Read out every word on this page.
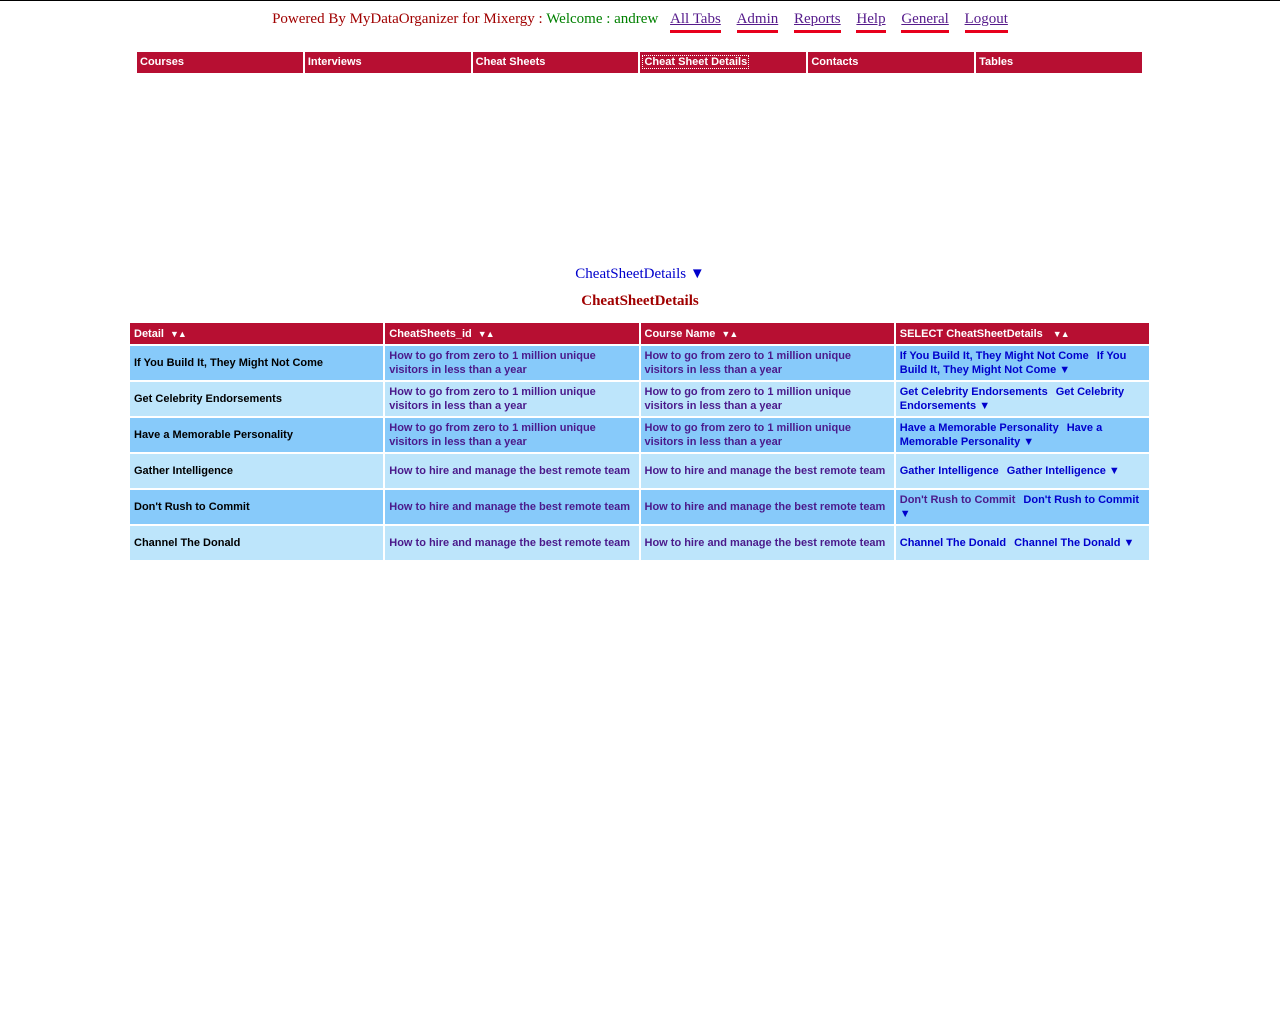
Powered By MyDataOrganizer for Mixergy : Welcome : andrew All Tabs Admin Reports Help General Logout
Courses	Interviews	Cheat Sheets	Cheat Sheet Details	Contacts	Tables
CheatSheetDetails ▼
CheatSheetDetails
Detail ▼▲	CheatSheets_id ▼▲	Course Name ▼▲	SELECT CheatSheetDetails ▼▲
If You Build It, They Might Not Come	How to go from zero to 1 million unique visitors in less than a year	How to go from zero to 1 million unique visitors in less than a year	If You Build It, They Might Not Come If You Build It, They Might Not Come ▼
Get Celebrity Endorsements	How to go from zero to 1 million unique visitors in less than a year	How to go from zero to 1 million unique visitors in less than a year	Get Celebrity Endorsements Get Celebrity Endorsements ▼
Have a Memorable Personality	How to go from zero to 1 million unique visitors in less than a year	How to go from zero to 1 million unique visitors in less than a year	Have a Memorable Personality Have a Memorable Personality ▼
Gather Intelligence	How to hire and manage the best remote team	How to hire and manage the best remote team	Gather Intelligence Gather Intelligence ▼
Don't Rush to Commit	How to hire and manage the best remote team	How to hire and manage the best remote team	Don't Rush to Commit Don't Rush to Commit ▼
Channel The Donald	How to hire and manage the best remote team	How to hire and manage the best remote team	Channel The Donald Channel The Donald ▼
